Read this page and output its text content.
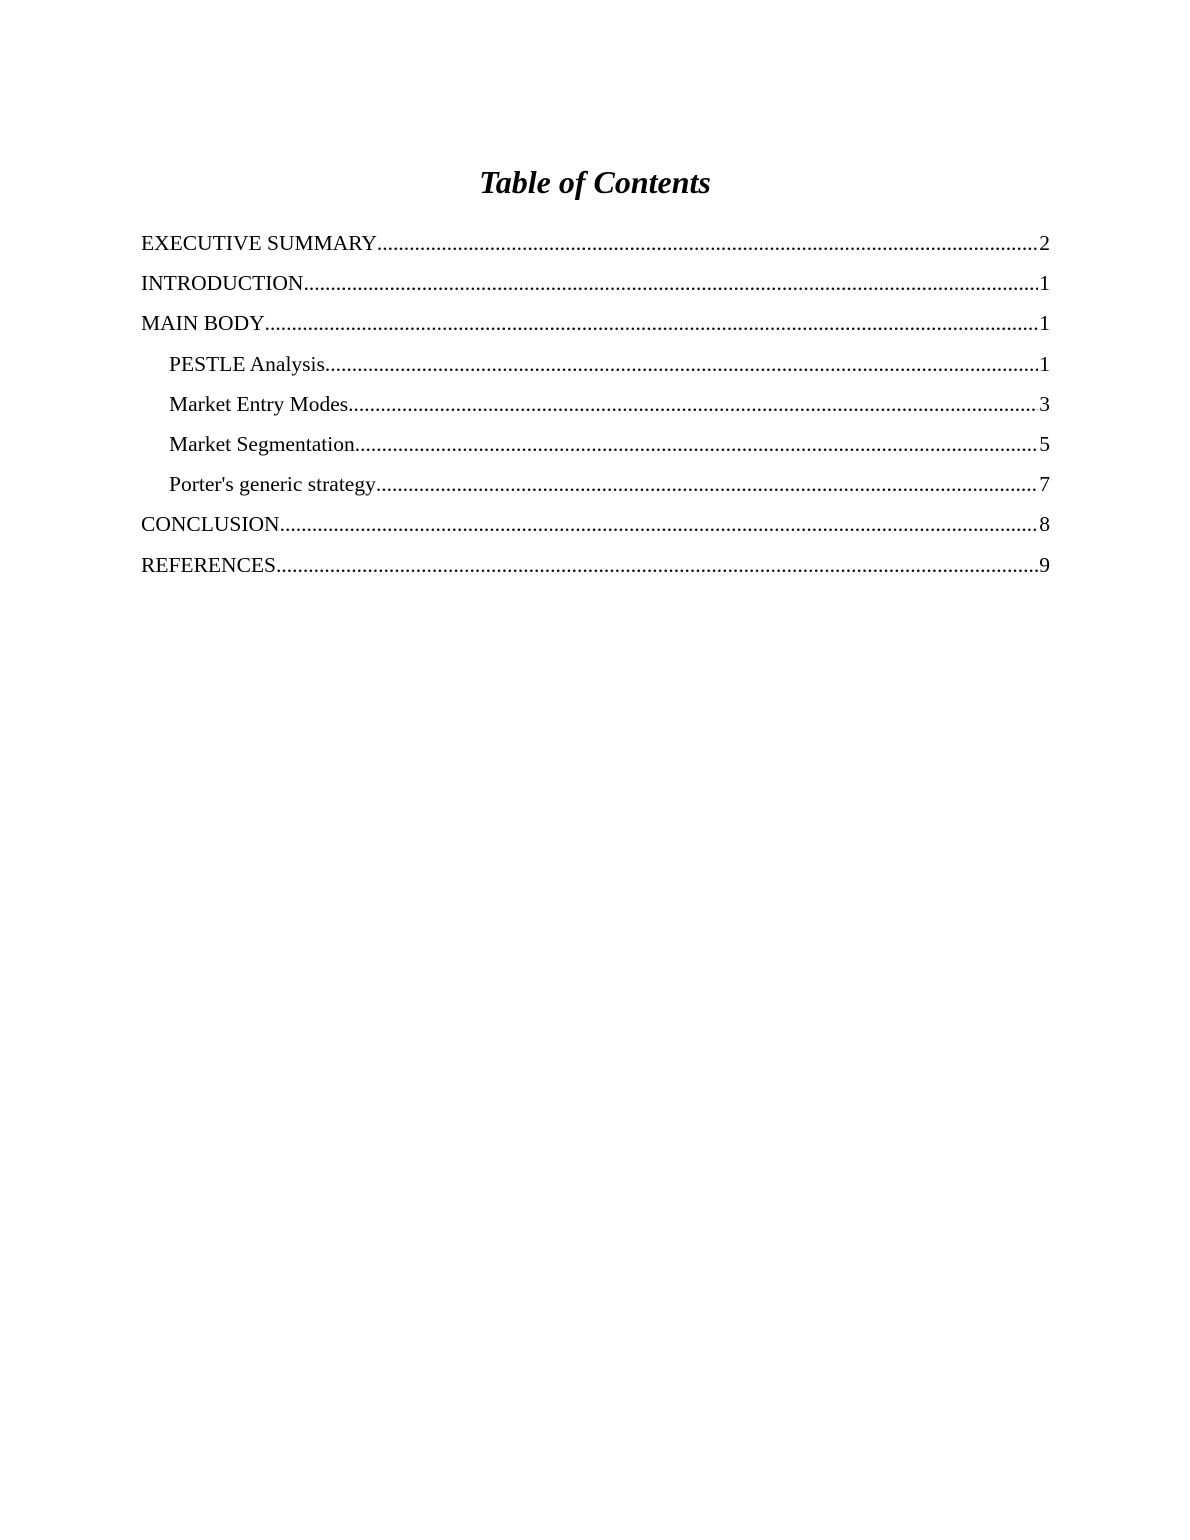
Table of Contents
EXECUTIVE SUMMARY .....	2
INTRODUCTION .....	1
MAIN BODY .....	1
PESTLE Analysis .....	1
Market Entry Modes .....	3
Market Segmentation .....	5
Porter's generic strategy .....	7
CONCLUSION .....	8
REFERENCES .....	9
